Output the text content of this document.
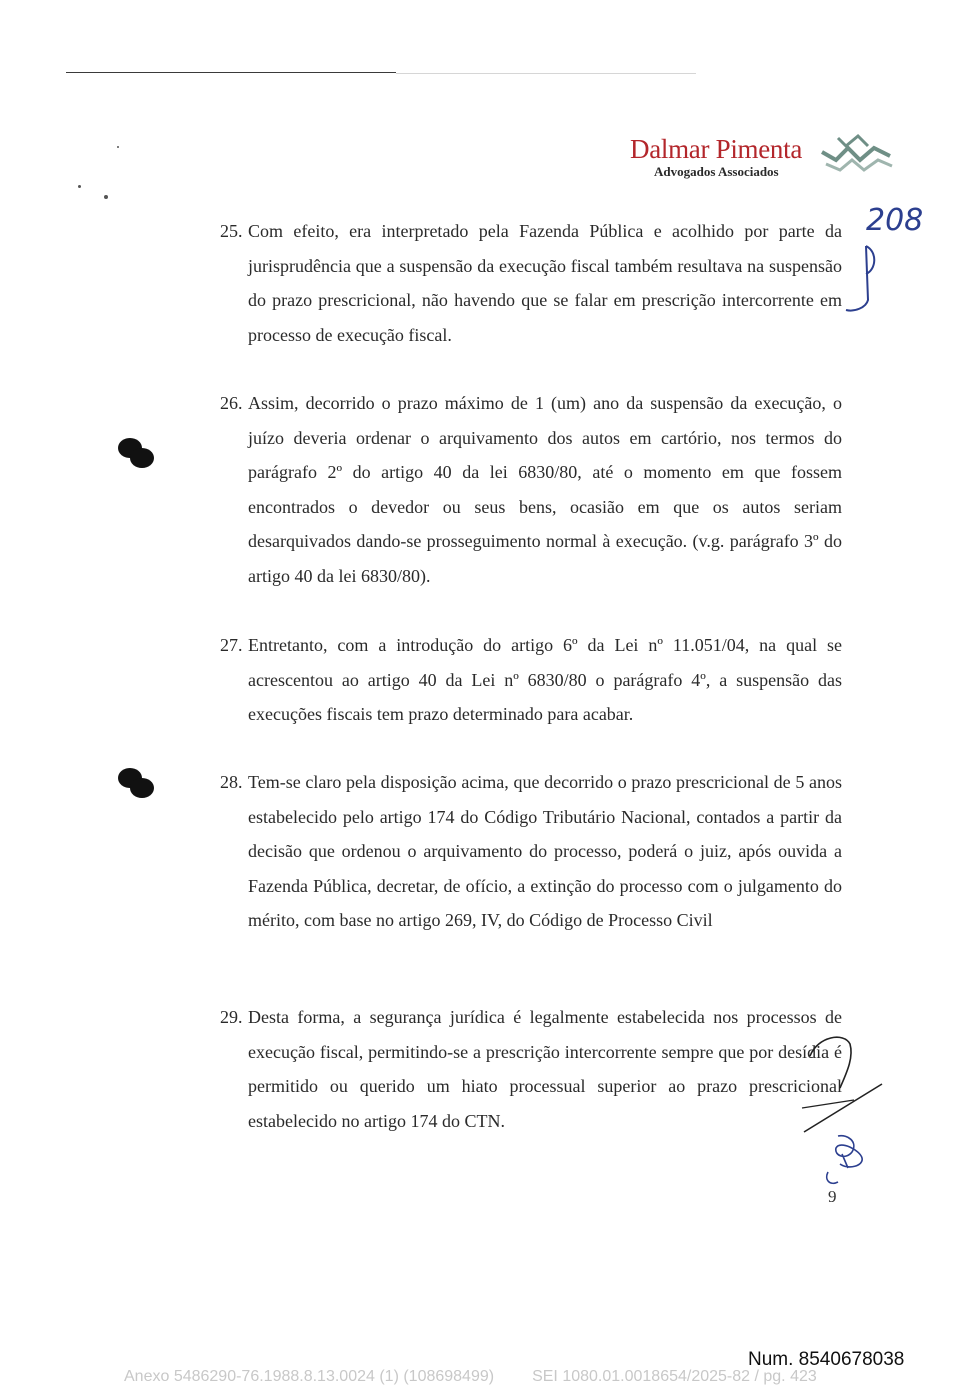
Dalmar Pimenta
Advogados Associados
208
25. Com efeito, era interpretado pela Fazenda Pública e acolhido por parte da jurisprudência que a suspensão da execução fiscal também resultava na suspensão do prazo prescricional, não havendo que se falar em prescrição intercorrente em processo de execução fiscal.
26. Assim, decorrido o prazo máximo de 1 (um) ano da suspensão da execução, o juízo deveria ordenar o arquivamento dos autos em cartório, nos termos do parágrafo 2º do artigo 40 da lei 6830/80, até o momento em que fossem encontrados o devedor ou seus bens, ocasião em que os autos seriam desarquivados dando-se prosseguimento normal à execução. (v.g. parágrafo 3º do artigo 40 da lei 6830/80).
27. Entretanto, com a introdução do artigo 6º da Lei nº 11.051/04, na qual se acrescentou ao artigo 40 da Lei nº 6830/80 o parágrafo 4º, a suspensão das execuções fiscais tem prazo determinado para acabar.
28. Tem-se claro pela disposição acima, que decorrido o prazo prescricional de 5 anos estabelecido pelo artigo 174 do Código Tributário Nacional, contados a partir da decisão que ordenou o arquivamento do processo, poderá o juiz, após ouvida a Fazenda Pública, decretar, de ofício, a extinção do processo com o julgamento do mérito, com base no artigo 269, IV, do Código de Processo Civil
29. Desta forma, a segurança jurídica é legalmente estabelecida nos processos de execução fiscal, permitindo-se a prescrição intercorrente sempre que por desídia é permitido ou querido um hiato processual superior ao prazo prescricional estabelecido no artigo 174 do CTN.
9
Num. 8540678038
Anexo 5486290-76.1988.8.13.0024 (1) (108698499) SEI 1080.01.0018654/2025-82 / pg. 423
